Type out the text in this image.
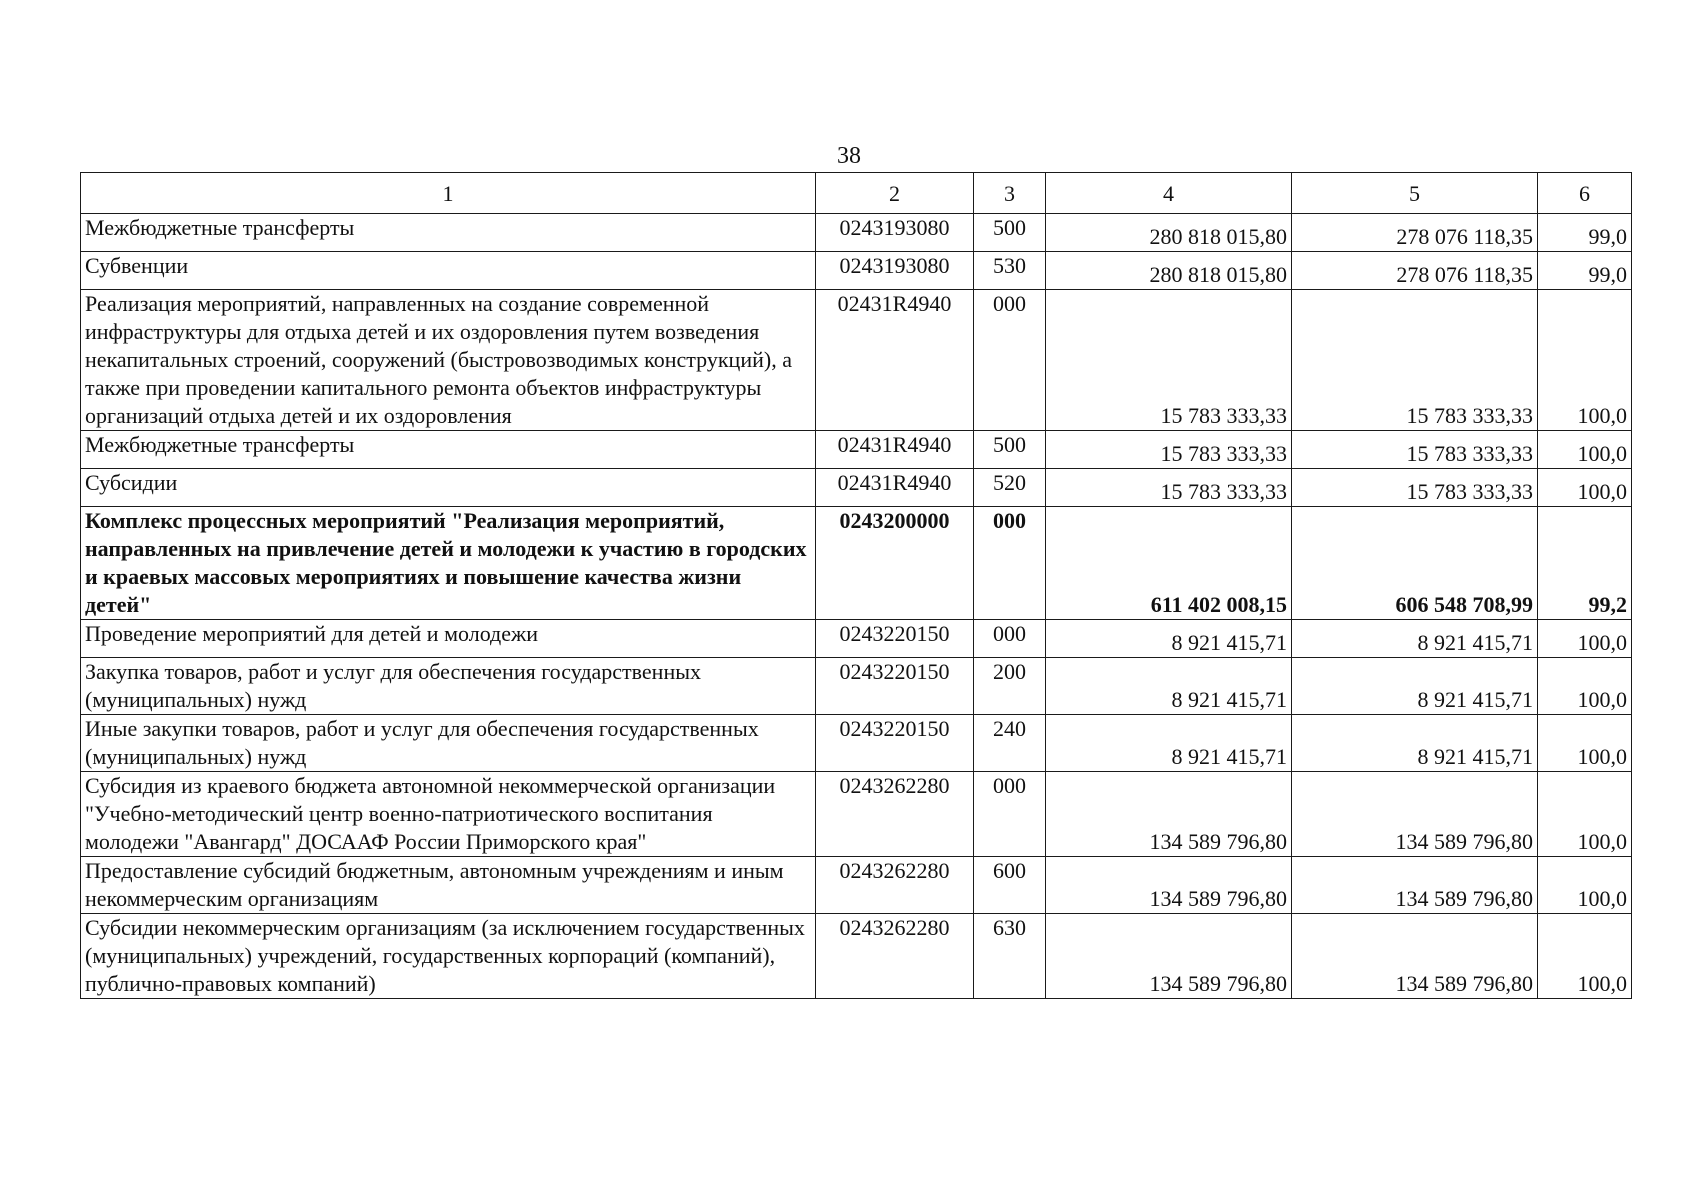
38
1	2	3	4	5	6
Межбюджетные трансферты	0243193080	500	280 818 015,80	278 076 118,35	99,0
Субвенции	0243193080	530	280 818 015,80	278 076 118,35	99,0
Реализация мероприятий, направленных на создание современной инфраструктуры для отдыха детей и их оздоровления путем возведения некапитальных строений, сооружений (быстровозводимых конструкций), а также при проведении капитального ремонта объектов инфраструктуры организаций отдыха детей и их оздоровления	02431R4940	000	15 783 333,33	15 783 333,33	100,0
Межбюджетные трансферты	02431R4940	500	15 783 333,33	15 783 333,33	100,0
Субсидии	02431R4940	520	15 783 333,33	15 783 333,33	100,0
Комплекс процессных мероприятий "Реализация мероприятий, направленных на привлечение детей и молодежи к участию в городских и краевых массовых мероприятиях и повышение качества жизни детей"	0243200000	000	611 402 008,15	606 548 708,99	99,2
Проведение мероприятий для детей и молодежи	0243220150	000	8 921 415,71	8 921 415,71	100,0
Закупка товаров, работ и услуг для обеспечения государственных (муниципальных) нужд	0243220150	200	8 921 415,71	8 921 415,71	100,0
Иные закупки товаров, работ и услуг для обеспечения государственных (муниципальных) нужд	0243220150	240	8 921 415,71	8 921 415,71	100,0
Субсидия из краевого бюджета автономной некоммерческой организации "Учебно-методический центр военно-патриотического воспитания молодежи "Авангард" ДОСААФ России Приморского края"	0243262280	000	134 589 796,80	134 589 796,80	100,0
Предоставление субсидий бюджетным, автономным учреждениям и иным некоммерческим организациям	0243262280	600	134 589 796,80	134 589 796,80	100,0
Субсидии некоммерческим организациям (за исключением государственных (муниципальных) учреждений, государственных корпораций (компаний), публично-правовых компаний)	0243262280	630	134 589 796,80	134 589 796,80	100,0
